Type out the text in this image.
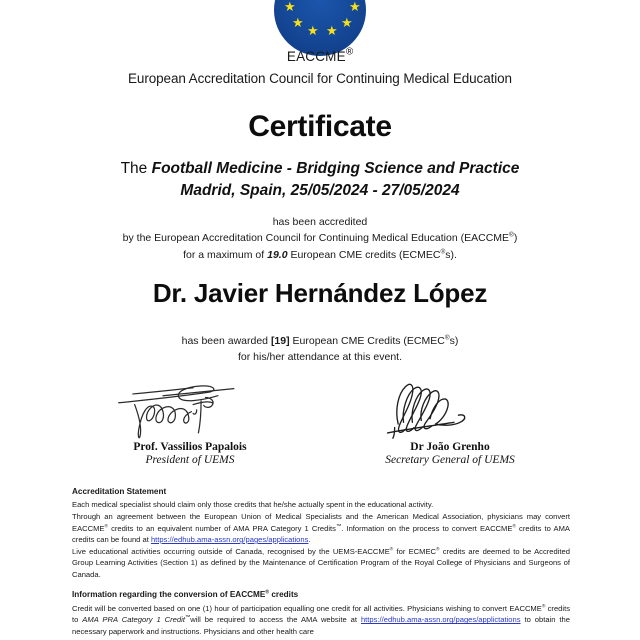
★	★
★	★
★ ★
EACCME®
European Accreditation Council for Continuing Medical Education
Certificate
The Football Medicine - Bridging Science and Practice
Madrid, Spain, 25/05/2024 - 27/05/2024
has been accredited
by the European Accreditation Council for Continuing Medical Education (EACCME®)
for a maximum of 19.0 European CME credits (ECMEC®s).
Dr. Javier Hernández López
has been awarded [19] European CME Credits (ECMEC®s)
for his/her attendance at this event.
Prof. Vassilios Papalois
President of UEMS
Dr João Grenho
Secretary General of UEMS
Accreditation Statement

Each medical specialist should claim only those credits that he/she actually spent in the educational activity.

Through an agreement between the European Union of Medical Specialists and the American Medical Association, physicians may convert EACCME® credits to an equivalent number of AMA PRA Category 1 Credits™. Information on the process to convert EACCME® credits to AMA credits can be found at https://edhub.ama-assn.org/pages/applications.

Live educational activities occurring outside of Canada, recognised by the UEMS-EACCME® for ECMEC® credits are deemed to be Accredited Group Learning Activities (Section 1) as defined by the Maintenance of Certification Program of the Royal College of Physicians and Surgeons of Canada.

Information regarding the conversion of EACCME® credits

Credit will be converted based on one (1) hour of participation equalling one credit for all activities. Physicians wishing to convert EACCME® credits to AMA PRA Category 1 Credit™will be required to access the AMA website at https://edhub.ama-assn.org/pages/applictations to obtain the necessary paperwork and instructions. Physicians and other health care
